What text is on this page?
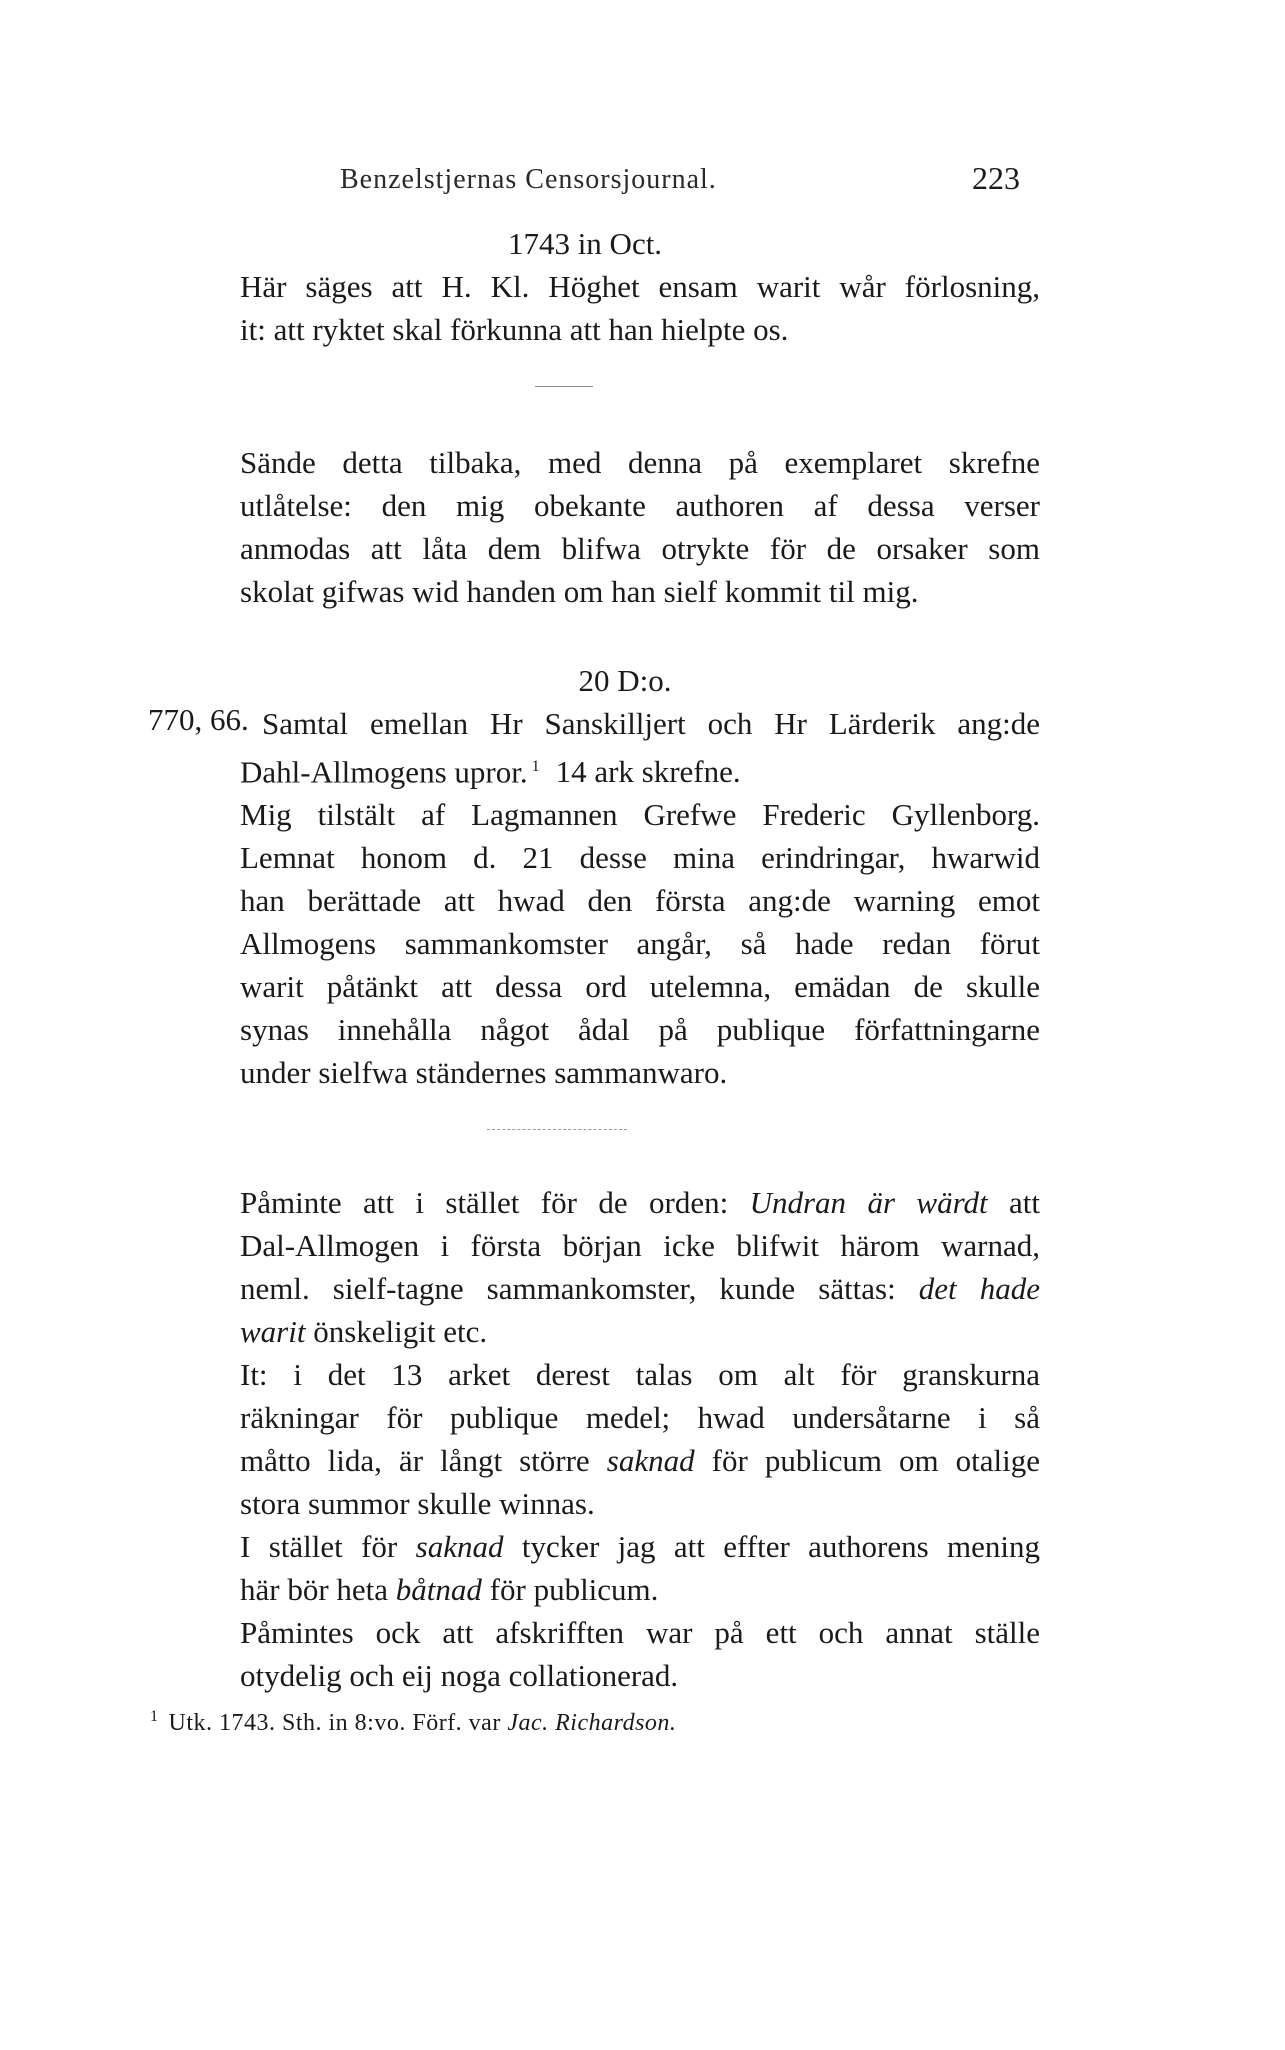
Benzelstjernas Censorsjournal.	223
1743 in Oct.
Här säges att H. Kl. Höghet ensam warit wår förlosning,
it: att ryktet skal förkunna att han hielpte os.
Sände detta tilbaka, med denna på exemplaret skrefne
utlåtelse: den mig obekante authoren af dessa verser
anmodas att låta dem blifwa otrykte för de orsaker som
skolat gifwas wid handen om han sielf kommit til mig.
20 D:o.
770, 66. Samtal emellan Hr Sanskilljert och Hr Lärderik ang:de
Dahl-Allmogens upror. $^1$ 14 ark skrefne.
Mig tilstält af Lagmannen Grefwe Frederic Gyllenborg.
Lemnat honom d. 21 desse mina erindringar, hwarwid
han berättade att hwad den första ang:de warning emot
Allmogens sammankomster angår, så hade redan förut
warit påtänkt att dessa ord utelemna, emädan de skulle
synas innehålla något ådal på publique författningarne
under sielfwa ständernes sammanwaro.
Påminte att i stället för de orden: Undran är wärdt att
Dal-Allmogen i första början icke blifwit härom warnad,
neml. sielf-tagne sammankomster, kunde sättas: det hade
warit önskeligit etc.
It: i det 13 arket derest talas om alt för granskurna
räkningar för publique medel; hwad undersåtarne i så
måtto lida, är långt större saknad för publicum om otalige
stora summor skulle winnas.
I stället för saknad tycker jag att effter authorens mening
här bör heta båtnad för publicum.
Påmintes ock att afskrifften war på ett och annat ställe
otydelig och eij noga collationerad.
$^1$ Utk. 1743. Sth. in 8:vo. Förf. var Jac. Richardson.
